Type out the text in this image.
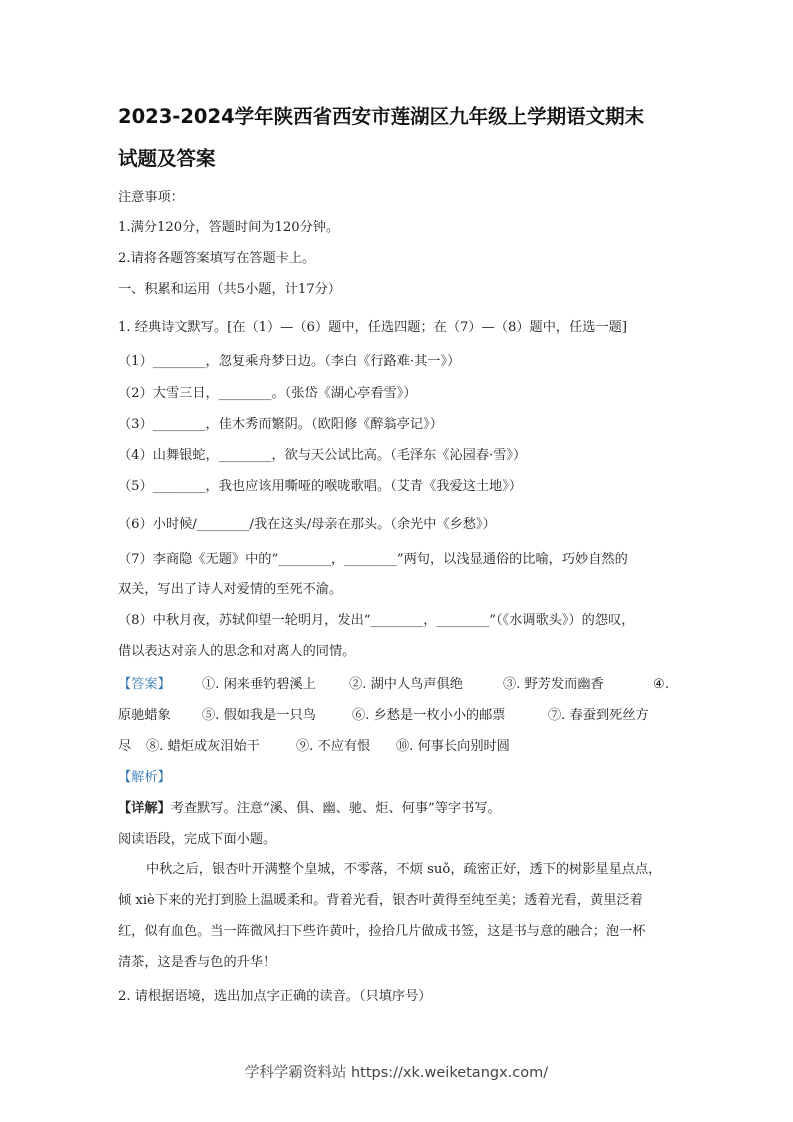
2023-2024学年陕西省西安市莲湖区九年级上学期语文期末
试题及答案
注意事项：
1.满分120分，答题时间为120分钟。
2.请将各题答案填写在答题卡上。
一、积累和运用（共5小题，计17分）
1. 经典诗文默写。[在（1）—（6）题中，任选四题；在（7）—（8）题中，任选一题]
（1）________，忽复乘舟梦日边。（李白《行路难·其一》）
（2）大雪三日，________。（张岱《湖心亭看雪》）
（3）________，佳木秀而繁阴。（欧阳修《醉翁亭记》）
（4）山舞银蛇，________，欲与天公试比高。（毛泽东《沁园春·雪》）
（5）________，我也应该用嘶哑的喉咙歌唱。（艾青《我爱这土地》）
（6）小时候/________/我在这头/母亲在那头。（余光中《乡愁》）
（7）李商隐《无题》中的“________，________”两句，以浅显通俗的比喻，巧妙自然的
双关，写出了诗人对爱情的至死不渝。
（8）中秋月夜，苏轼仰望一轮明月，发出“________，________”（《水调歌头》）的怨叹，
借以表达对亲人的思念和对离人的同情。
【答案】 ①. 闲来垂钓碧溪上	②. 湖中人鸟声俱绝	③. 野芳发而幽香	④.
原驰蜡象 ⑤. 假如我是一只鸟	⑥. 乡愁是一枚小小的邮票	⑦. 春蚕到死丝方
尽 ⑧. 蜡炬成灰泪始干	⑨. 不应有恨 ⑩. 何事长向别时圆
【解析】
【详解】考查默写。注意“溪、俱、幽、驰、炬、何事”等字书写。
阅读语段，完成下面小题。
中秋之后，银杏叶开满整个皇城，不零落，不烦 suǒ，疏密正好，透下的树影星星点点，
倾 xiè下来的光打到脸上温暖柔和。背着光看，银杏叶黄得至纯至美；透着光看，黄里泛着
红，似有血色。当一阵微风扫下些许黄叶，捡拾几片做成书签，这是书与意的融合；泡一杯
清茶，这是香与色的升华！
2. 请根据语境，选出加点字正确的读音。（只填序号）
学科学霸资料站 https://xk.weiketangx.com/
